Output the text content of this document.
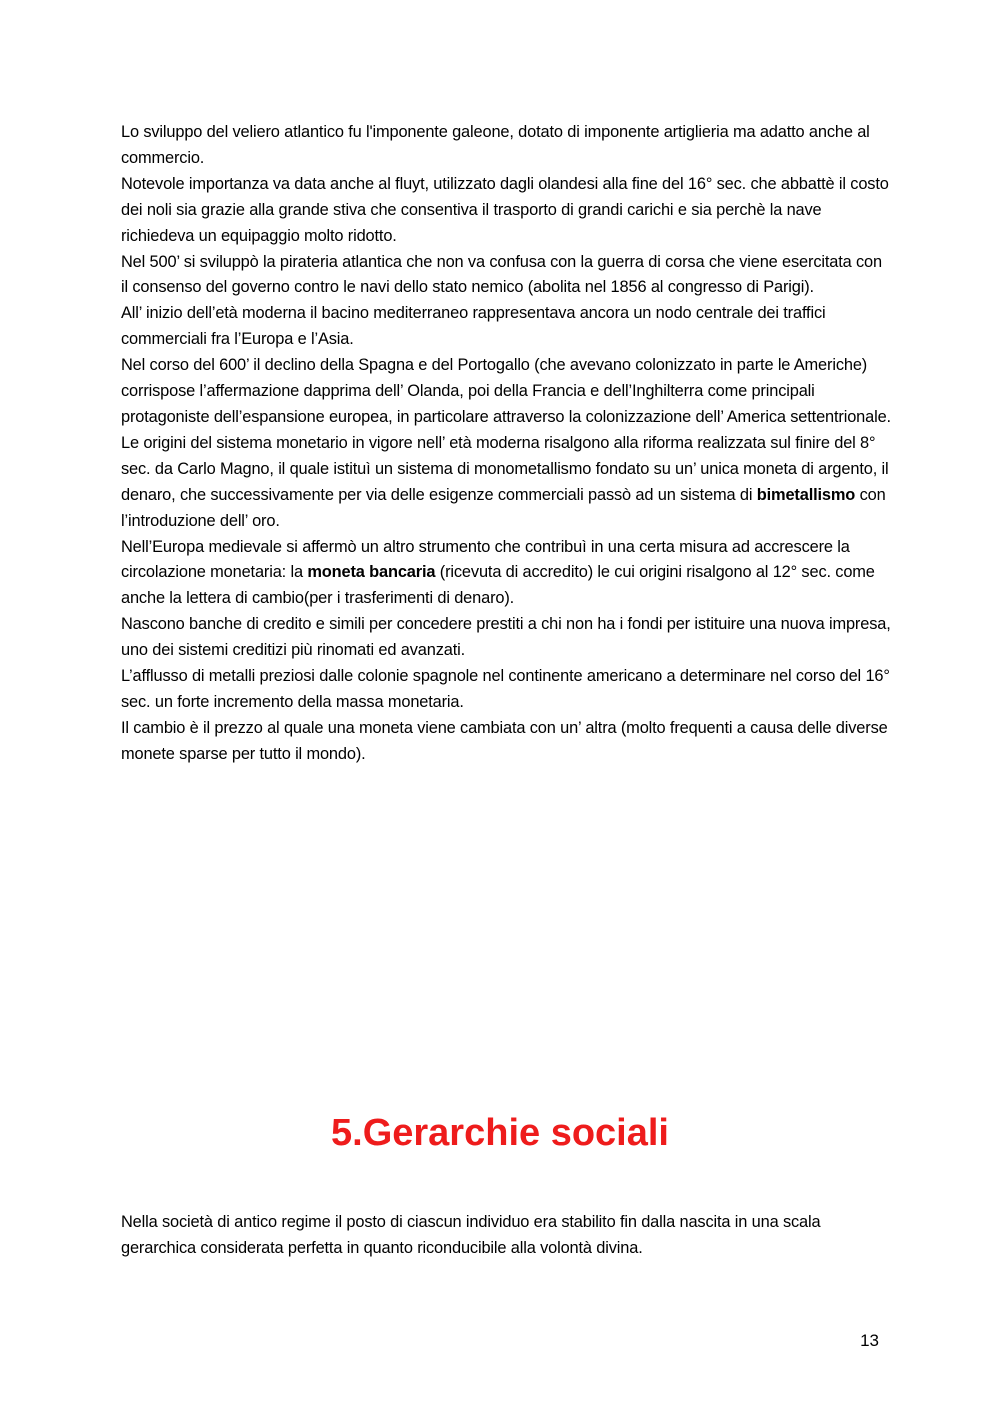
Lo sviluppo del veliero atlantico fu l'imponente galeone, dotato di imponente artiglieria ma adatto anche al commercio.

Notevole importanza va data anche al fluyt, utilizzato dagli olandesi alla fine del 16° sec. che abbattè il costo dei noli sia grazie alla grande stiva che consentiva il trasporto di grandi carichi e sia perchè la nave richiedeva un equipaggio molto ridotto.

Nel 500’ si sviluppò la pirateria atlantica che non va confusa con la guerra di corsa che viene esercitata con il consenso del governo contro le navi dello stato nemico (abolita nel 1856 al congresso di Parigi).

All’ inizio dell’età moderna il bacino mediterraneo rappresentava ancora un nodo centrale dei traffici commerciali fra l’Europa e l’Asia.

Nel corso del 600’ il declino della Spagna e del Portogallo (che avevano colonizzato in parte le Americhe) corrispose l’affermazione dapprima dell’ Olanda, poi della Francia e dell’Inghilterra come principali protagoniste dell’espansione europea, in particolare attraverso la colonizzazione dell’ America settentrionale.

Le origini del sistema monetario in vigore nell’ età moderna risalgono alla riforma realizzata sul finire del 8° sec. da Carlo Magno, il quale istituì un sistema di monometallismo fondato su un’ unica moneta di argento, il denaro, che successivamente per via delle esigenze commerciali passò ad un sistema di bimetallismo con l’introduzione dell’ oro.

Nell’Europa medievale si affermò un altro strumento che contribuì in una certa misura ad accrescere la circolazione monetaria: la moneta bancaria (ricevuta di accredito) le cui origini risalgono al 12° sec. come anche la lettera di cambio(per i trasferimenti di denaro).

Nascono banche di credito e simili per concedere prestiti a chi non ha i fondi per istituire una nuova impresa, uno dei sistemi creditizi più rinomati ed avanzati.

L’afflusso di metalli preziosi dalle colonie spagnole nel continente americano a determinare nel corso del 16° sec. un forte incremento della massa monetaria.

Il cambio è il prezzo al quale una moneta viene cambiata con un’ altra (molto frequenti a causa delle diverse monete sparse per tutto il mondo).

5.Gerarchie sociali

Nella società di antico regime il posto di ciascun individuo era stabilito fin dalla nascita in una scala gerarchica considerata perfetta in quanto riconducibile alla volontà divina.

13
